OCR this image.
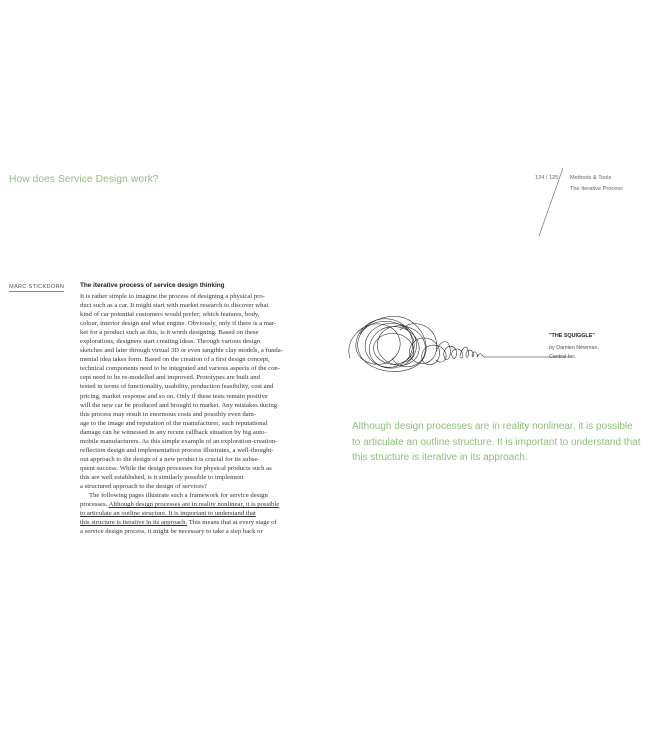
How does Service Design work?	124 / 125 Methods & Tools
The Iterative Process
MARC STICKDORN The iterative process of service design thinking
It is rather simple to imagine the process of designing a physical pro-
duct such as a car. It might start with market research to discover what
kind of car potential customers would prefer; which features, body,
colour, interior design and what engine. Obviously, only if there is a mar-
ket for a product such as this, is it worth designing. Based on these
explorations, designers start creating ideas. Through various design
sketches and later through virtual 3D or even tangible clay models, a funda-
mental idea takes form. Based on the creation of a first design concept,
technical components need to be integrated and various aspects of the con-
cept need to be re-modelled and improved. Prototypes are built and
tested in terms of functionality, usability, production feasibility, cost and
pricing, market response and so on. Only if these tests remain positive
will the new car be produced and brought to market. Any mistakes during
this process may result in enormous costs and possibly even dam-
age to the image and reputation of the manufacturer, such reputational
damage can be witnessed in any recent callback situation by big auto-
mobile manufacturers. As this simple example of an exploration-creation-
reflection design and implementation process illustrates, a well-thought-
out approach to the design of a new product is crucial for its subse-
quent success. While the design processes for physical products such as
this are well established, is it similarly possible to implement
a structured approach to the design of services?
The following pages illustrate such a framework for service design
processes. Although design processes are in reality nonlinear, it is possible
to articulate an outline structure. It is important to understand that
this structure is iterative in its approach. This means that at every stage of
a service design process, it might be necessary to take a step back or
"THE SQUIGGLE"
by Damien Newman,
Central Inc.
Although design processes are in reality nonlinear, it is possible
to articulate an outline structure. It is important to understand that
this structure is iterative in its approach.
